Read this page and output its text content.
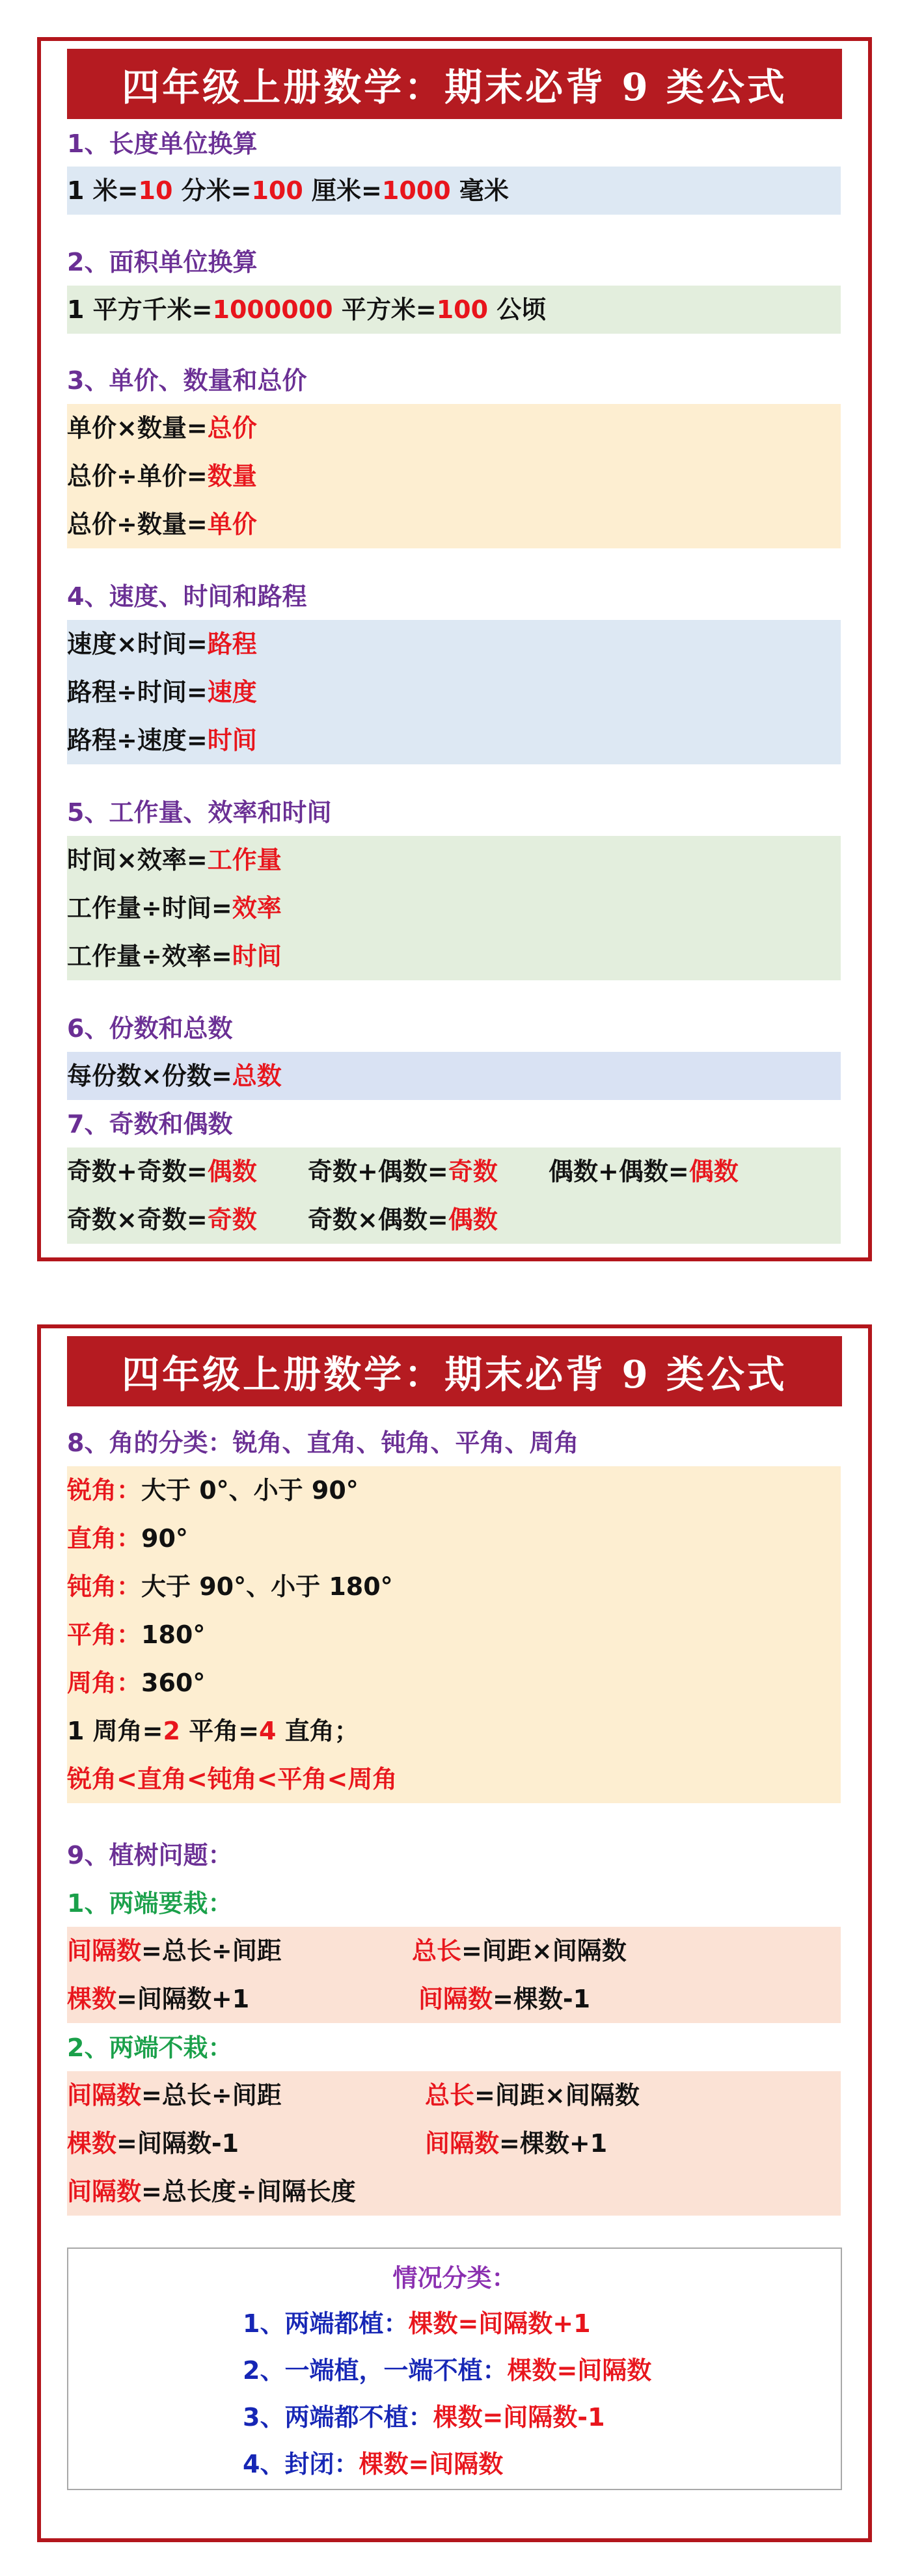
四年级上册数学：期末必背 9 类公式
1、长度单位换算
1 米=10 分米=100 厘米=1000 毫米
2、面积单位换算
1 平方千米=1000000 平方米=100 公顷
3、单价、数量和总价
单价×数量=总价
总价÷单价=数量
总价÷数量=单价
4、速度、时间和路程
速度×时间=路程
路程÷时间=速度
路程÷速度=时间
5、工作量、效率和时间
时间×效率=工作量
工作量÷时间=效率
工作量÷效率=时间
6、份数和总数
每份数×份数=总数
7、奇数和偶数
奇数+奇数=偶数 奇数+偶数=奇数 偶数+偶数=偶数
奇数×奇数=奇数 奇数×偶数=偶数
四年级上册数学：期末必背 9 类公式
8、角的分类：锐角、直角、钝角、平角、周角
锐角：大于 0°、小于 90°
直角：90°
钝角：大于 90°、小于 180°
平角：180°
周角：360°
1 周角=2 平角=4 直角；
锐角<直角<钝角<平角<周角
9、植树问题：
1、两端要栽：
间隔数=总长÷间距	总长=间距×间隔数
棵数=间隔数+1	间隔数=棵数-1
2、两端不栽：
间隔数=总长÷间距	总长=间距×间隔数
棵数=间隔数-1	间隔数=棵数+1
间隔数=总长度÷间隔长度
情况分类：
1、两端都植：棵数=间隔数+1
2、一端植，一端不植：棵数=间隔数
3、两端都不植：棵数=间隔数-1
4、封闭：棵数=间隔数
